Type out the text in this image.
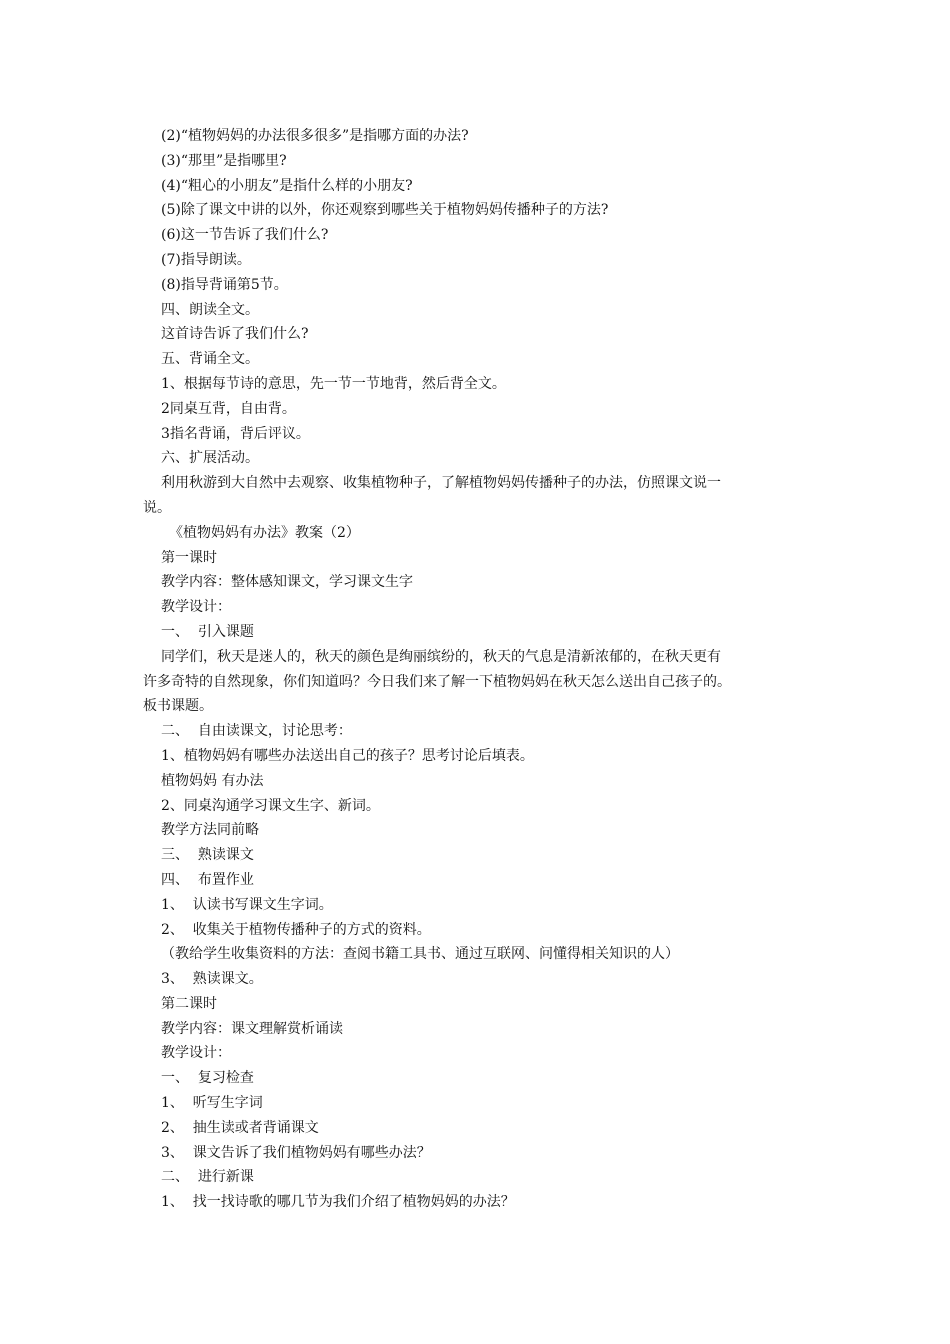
(2)“植物妈妈的办法很多很多”是指哪方面的办法?
(3)“那里”是指哪里?
(4)“粗心的小朋友”是指什么样的小朋友?
(5)除了课文中讲的以外，你还观察到哪些关于植物妈妈传播种子的方法?
(6)这一节告诉了我们什么?
(7)指导朗读。
(8)指导背诵第5节。
四、朗读全文。
这首诗告诉了我们什么?
五、背诵全文。
1、根据每节诗的意思，先一节一节地背，然后背全文。
2同桌互背，自由背。
3指名背诵，背后评议。
六、扩展活动。
利用秋游到大自然中去观察、收集植物种子，了解植物妈妈传播种子的办法，仿照课文说一
说。
《植物妈妈有办法》教案（2）
第一课时
教学内容：整体感知课文，学习课文生字
教学设计：
一、  引入课题
同学们，秋天是迷人的，秋天的颜色是绚丽缤纷的，秋天的气息是清新浓郁的，在秋天更有
许多奇特的自然现象，你们知道吗？今日我们来了解一下植物妈妈在秋天怎么送出自己孩子的。
板书课题。
二、  自由读课文，讨论思考：
1、植物妈妈有哪些办法送出自己的孩子？思考讨论后填表。
植物妈妈 有办法
2、同桌沟通学习课文生字、新词。
教学方法同前略
三、  熟读课文
四、  布置作业
1、  认读书写课文生字词。
2、  收集关于植物传播种子的方式的资料。
（教给学生收集资料的方法：查阅书籍工具书、通过互联网、问懂得相关知识的人）
3、  熟读课文。
第二课时
教学内容：课文理解赏析诵读
教学设计：
一、  复习检查
1、  听写生字词
2、  抽生读或者背诵课文
3、  课文告诉了我们植物妈妈有哪些办法？
二、  进行新课
1、  找一找诗歌的哪几节为我们介绍了植物妈妈的办法？
